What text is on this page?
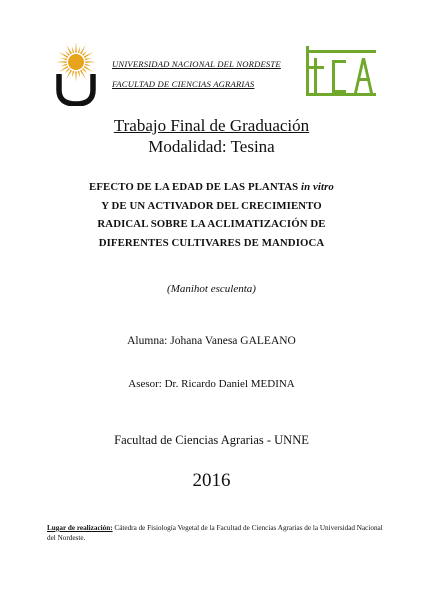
UNIVERSIDAD NACIONAL DEL NORDESTE
FACULTAD DE CIENCIAS AGRARIAS
Trabajo Final de Graduación
Modalidad: Tesina
EFECTO DE LA EDAD DE LAS PLANTAS in vitro
Y DE UN ACTIVADOR DEL CRECIMIENTO
RADICAL SOBRE LA ACLIMATIZACIÓN DE
DIFERENTES CULTIVARES DE MANDIOCA
(Manihot esculenta)
Alumna: Johana Vanesa GALEANO
Asesor: Dr. Ricardo Daniel MEDINA
Facultad de Ciencias Agrarias - UNNE
2016
Lugar de realización: Cátedra de Fisiología Vegetal de la Facultad de Ciencias Agrarias de la Universidad Nacional del Nordeste.
